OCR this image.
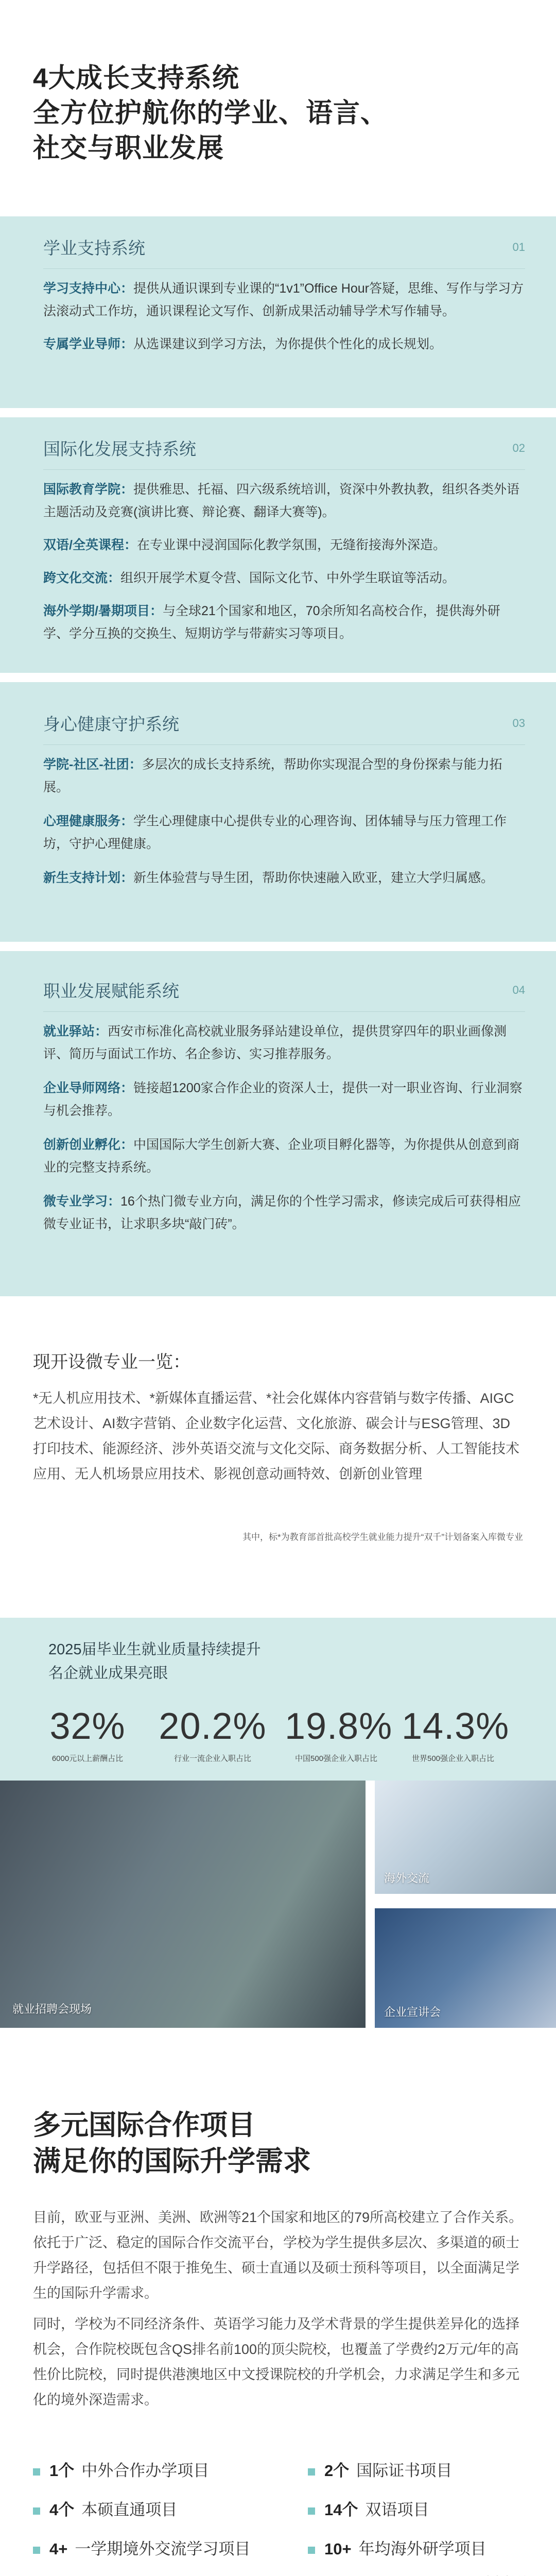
4大成长支持系统
全方位护航你的学业、语言、
社交与职业发展
学业支持系统	01
学习支持中心：提供从通识课到专业课的“1v1”Office Hour答疑，思维、写作与学习方法滚动式工作坊，通识课程论文写作、创新成果活动辅导学术写作辅导。
专属学业导师：从选课建议到学习方法，为你提供个性化的成长规划。
国际化发展支持系统	02
国际教育学院：提供雅思、托福、四六级系统培训，资深中外教执教，组织各类外语主题活动及竞赛(演讲比赛、辩论赛、翻译大赛等)。
双语/全英课程：在专业课中浸润国际化教学氛围，无缝衔接海外深造。
跨文化交流：组织开展学术夏令营、国际文化节、中外学生联谊等活动。
海外学期/暑期项目：与全球21个国家和地区，70余所知名高校合作，提供海外研学、学分互换的交换生、短期访学与带薪实习等项目。
身心健康守护系统	03
学院-社区-社团：多层次的成长支持系统，帮助你实现混合型的身份探索与能力拓展。
心理健康服务：学生心理健康中心提供专业的心理咨询、团体辅导与压力管理工作坊，守护心理健康。
新生支持计划：新生体验营与导生团，帮助你快速融入欧亚，建立大学归属感。
职业发展赋能系统	04
就业驿站：西安市标准化高校就业服务驿站建设单位，提供贯穿四年的职业画像测评、简历与面试工作坊、名企参访、实习推荐服务。
企业导师网络：链接超1200家合作企业的资深人士，提供一对一职业咨询、行业洞察与机会推荐。
创新创业孵化：中国国际大学生创新大赛、企业项目孵化器等，为你提供从创意到商业的完整支持系统。
微专业学习：16个热门微专业方向，满足你的个性学习需求，修读完成后可获得相应微专业证书，让求职多块“敲门砖”。
现开设微专业一览：
*无人机应用技术、*新媒体直播运营、*社会化媒体内容营销与数字传播、AIGC艺术设计、AI数字营销、企业数字化运营、文化旅游、碳会计与ESG管理、3D打印技术、能源经济、涉外英语交流与文化交际、商务数据分析、人工智能技术应用、无人机场景应用技术、影视创意动画特效、创新创业管理
其中，标*为教育部首批高校学生就业能力提升“双千”计划备案入库微专业
2025届毕业生就业质量持续提升
名企就业成果亮眼
32%
6000元以上薪酬占比
20.2%
行业一流企业入职占比
19.8%
中国500强企业入职占比
14.3%
世界500强企业入职占比
就业招聘会现场
海外交流
企业宣讲会
多元国际合作项目
满足你的国际升学需求
目前，欧亚与亚洲、美洲、欧洲等21个国家和地区的79所高校建立了合作关系。依托于广泛、稳定的国际合作交流平台，学校为学生提供多层次、多渠道的硕士升学路径，包括但不限于推免生、硕士直通以及硕士预科等项目，以全面满足学生的国际升学需求。
同时，学校为不同经济条件、英语学习能力及学术背景的学生提供差异化的选择机会，合作院校既包含QS排名前100的顶尖院校，也覆盖了学费约2万元/年的高性价比院校，同时提供港澳地区中文授课院校的升学机会，力求满足学生和多元化的境外深造需求。
1个 中外合作办学项目	2个 国际证书项目
4个 本硕直通项目	14个 双语项目
4+ 一学期境外交流学习项目	10+ 年均海外研学项目
